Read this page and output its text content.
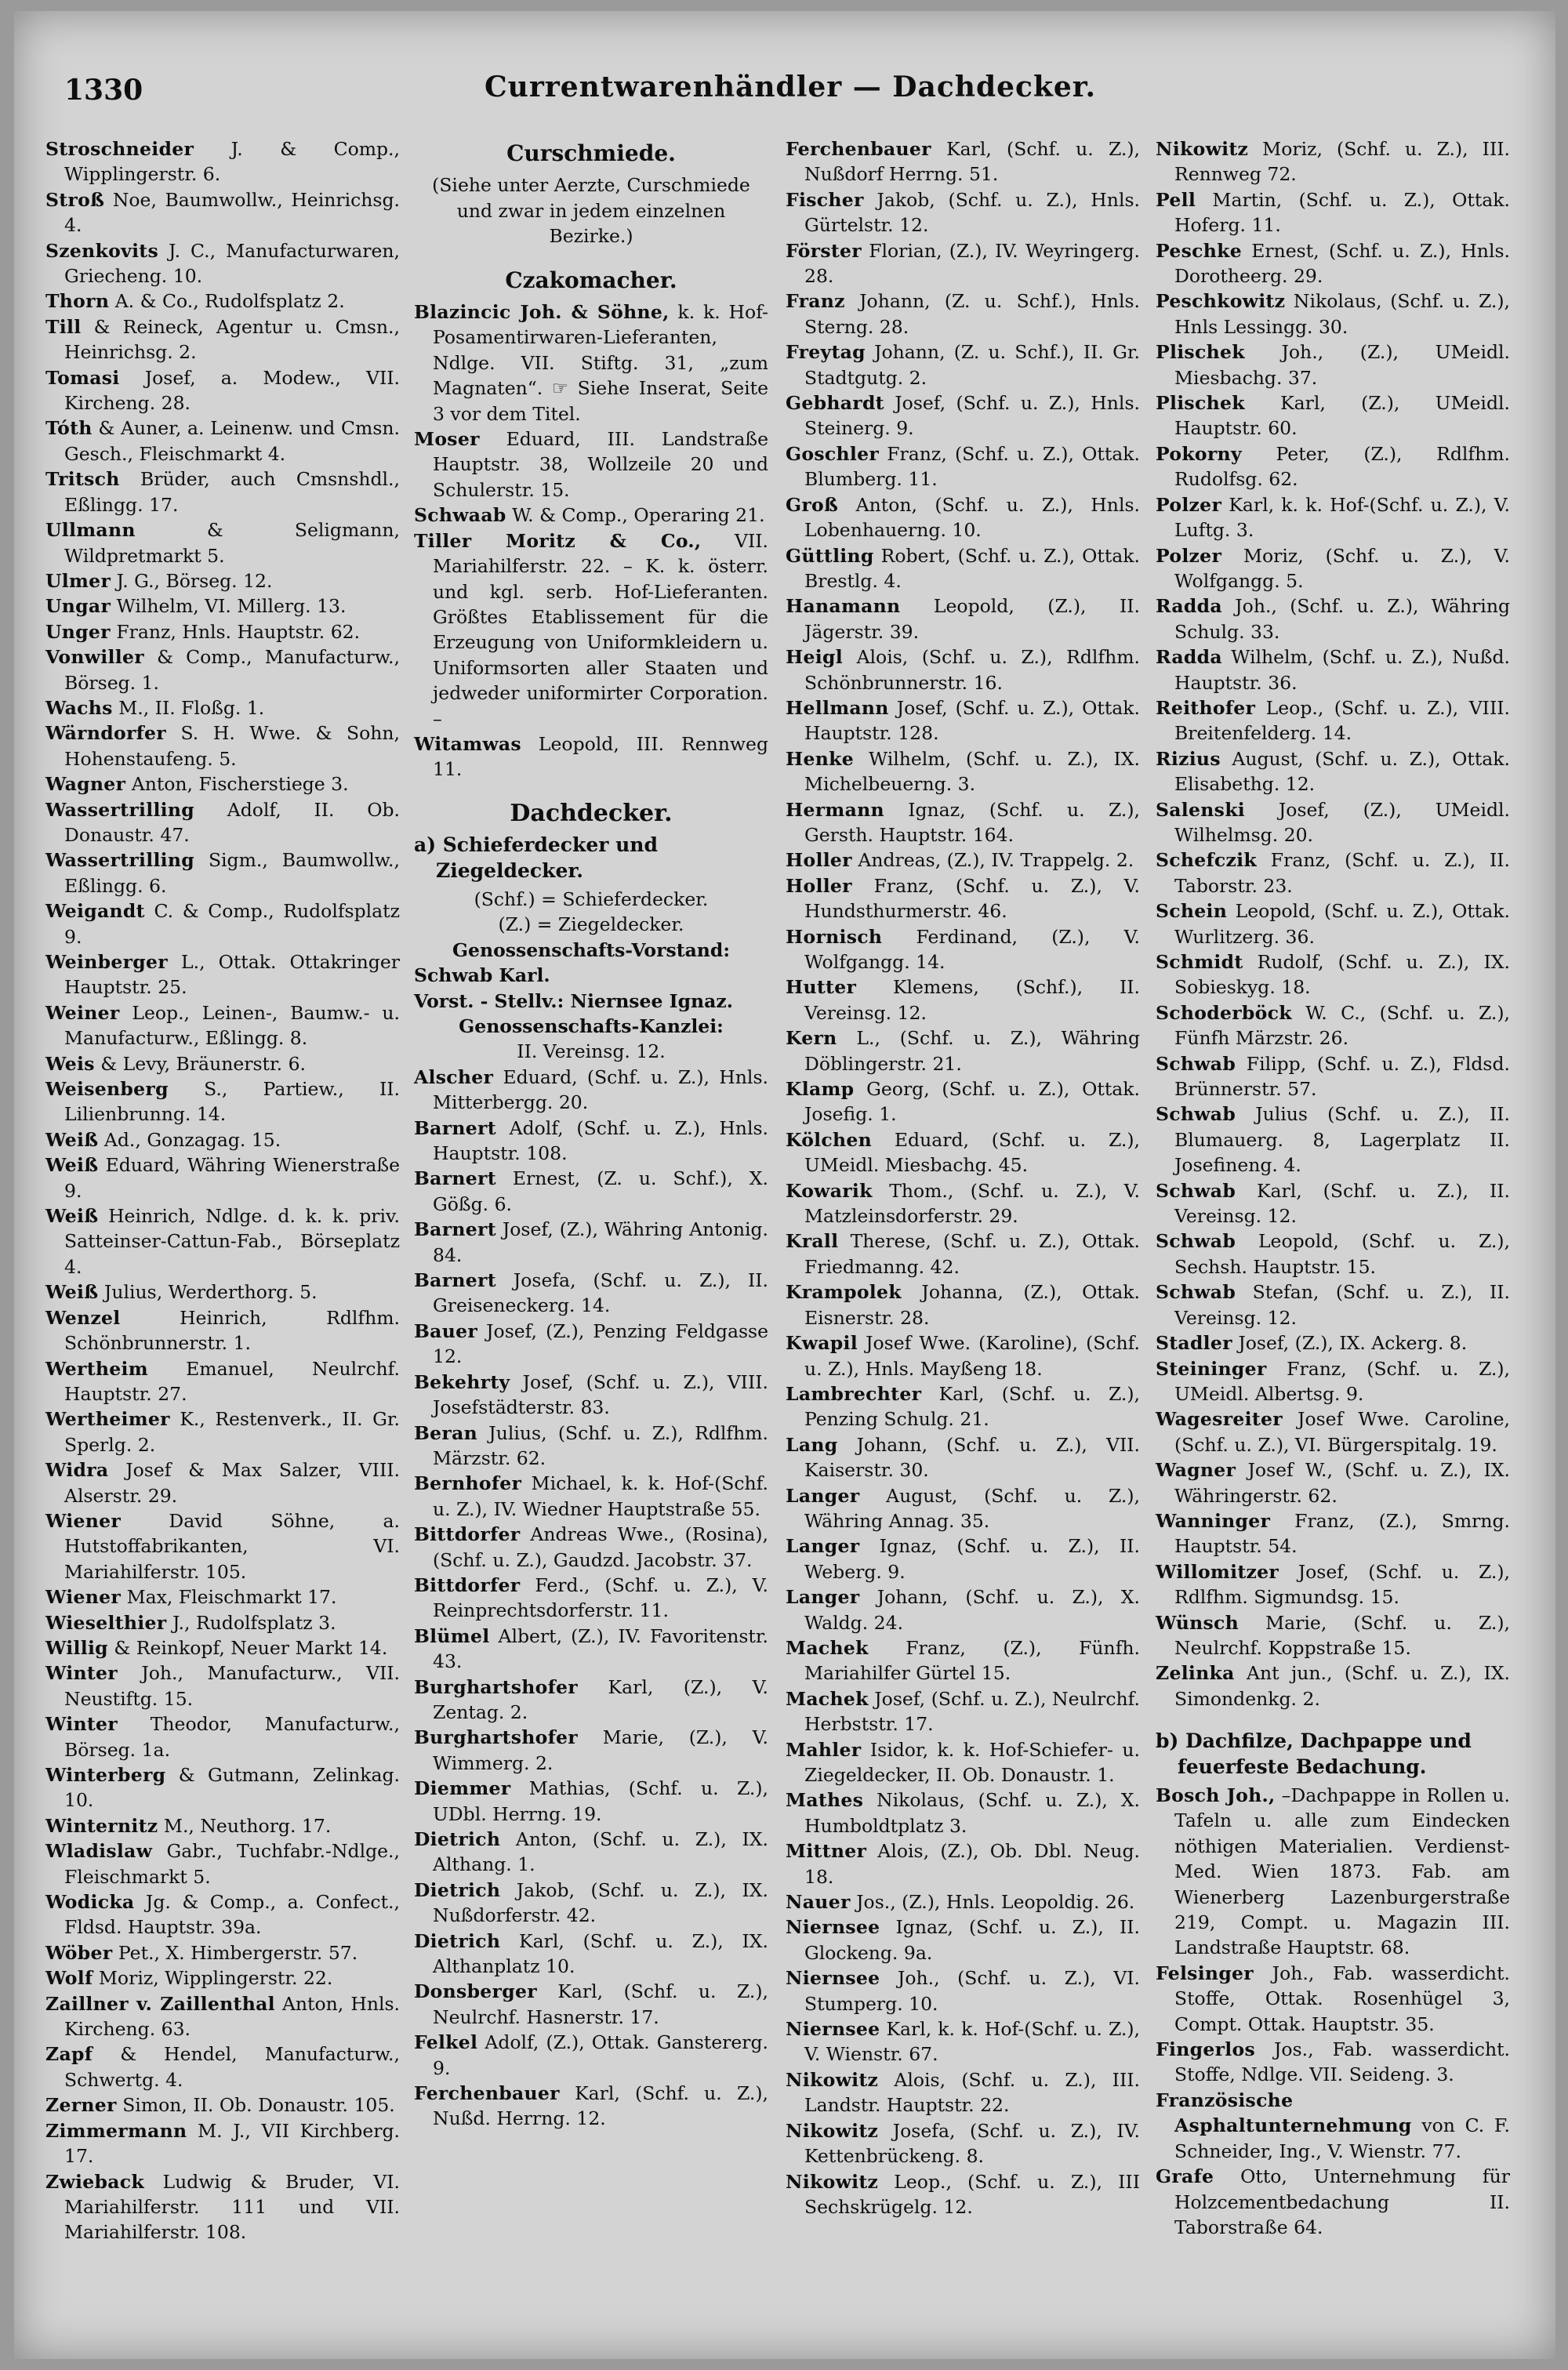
1330	Currentwarenhändler — Dachdecker.
Stroschneider J. & Comp., Wipplingerstr. 6.
Stroß Noe, Baumwollw., Heinrichsg. 4.
Szenkovits J. C., Manufacturwaren, Griecheng. 10.
Thorn A. & Co., Rudolfsplatz 2.
Till & Reineck, Agentur u. Cmsn., Heinrichsg. 2.
Tomasi Josef, a. Modew., VII. Kircheng. 28.
Tóth & Auner, a. Leinenw. und Cmsn. Gesch., Fleischmarkt 4.
Tritsch Brüder, auch Cmsnshdl., Eßlingg. 17.
Ullmann	& Seligmann, Wildpretmarkt 5.
Ulmer J. G., Börseg. 12.
Ungar Wilhelm, VI. Millerg. 13.
Unger Franz, Hnls. Hauptstr. 62.
Vonwiller & Comp., Manufacturw., Börseg. 1.
Wachs M., II. Floßg. 1.
Wärndorfer S. H. Wwe. & Sohn, Hohenstaufeng. 5.
Wagner Anton, Fischerstiege 3.
Wassertrilling Adolf, II. Ob. Donaustr. 47.
Wassertrilling Sigm., Baumwollw., Eßlingg. 6.
Weigandt C. & Comp., Rudolfsplatz 9.
Weinberger L., Ottak. Ottakringer Hauptstr. 25.
Weiner Leop., Leinen-, Baumw.- u. Manufacturw., Eßlingg. 8.
Weis & Levy, Bräunerstr. 6.
Weisenberg S., Partiew., II. Lilienbrunng. 14.
Weiß Ad., Gonzagag. 15.
Weiß Eduard, Währing Wienerstraße 9.
Weiß Heinrich, Ndlge. d. k. k. priv. Satteinser-Cattun-Fab., Börseplatz 4.
Weiß Julius, Werderthorg. 5.
Wenzel	Heinrich, Rdlfhm. Schönbrunnerstr. 1.
Wertheim Emanuel, Neulrchf. Hauptstr. 27.
Wertheimer K., Restenverk., II. Gr. Sperlg. 2.
Widra Josef & Max Salzer, VIII. Alserstr. 29.
Wiener	David Söhne, a. Hutstoffabrikanten, VI. Mariahilferstr. 105.
Wiener Max, Fleischmarkt 17.
Wieselthier J., Rudolfsplatz 3.
Willig & Reinkopf, Neuer Markt 14.
Winter Joh., Manufacturw., VII. Neustiftg. 15.
Winter Theodor, Manufacturw., Börseg. 1a.
Winterberg & Gutmann, Zelinkag. 10.
Winternitz M., Neuthorg. 17.
Wladislaw Gabr., Tuchfabr.-Ndlge., Fleischmarkt 5.
Wodicka Jg. & Comp., a. Confect., Fldsd. Hauptstr. 39a.
Wöber Pet., X. Himbergerstr. 57.
Wolf Moriz, Wipplingerstr. 22.
Zaillner v. Zaillenthal Anton, Hnls. Kircheng. 63.
Zapf & Hendel, Manufacturw., Schwertg. 4.
Zerner Simon, II. Ob. Donaustr. 105.
Zimmermann M. J., VII Kirchberg. 17.
Zwieback Ludwig & Bruder, VI. Mariahilferstr. 111 und VII. Mariahilferstr. 108.
Curschmiede.
(Siehe unter Aerzte, Curschmiede und zwar in jedem einzelnen Bezirke.)
Czakomacher.
Blazincic Joh. & Söhne, k. k. Hof-Posamentirwaren-Lieferanten, Ndlge. VII. Stiftg. 31, „zum Magnaten“. ☞ Siehe Inserat, Seite 3 vor dem Titel.
Moser Eduard, III. Landstraße Hauptstr. 38, Wollzeile 20 und Schulerstr. 15.
Schwaab W. & Comp., Operaring 21.
Tiller Moritz & Co., VII. Mariahilferstr. 22. – K. k. österr. und kgl. serb. Hof-Lieferanten. Größtes Etablissement für die Erzeugung von Uniformkleidern u. Uniformsorten aller Staaten und jedweder uniformirter Corporation. –
Witamwas Leopold, III. Rennweg 11.
Dachdecker.
a) Schieferdecker und Ziegeldecker.
(Schf.) = Schieferdecker.
(Z.) = Ziegeldecker.
Genossenschafts-Vorstand:
Schwab Karl.
Vorst. - Stellv.: Niernsee Ignaz.
Genossenschafts-Kanzlei:
II. Vereinsg. 12.
Alscher Eduard, (Schf. u. Z.), Hnls. Mitterbergg. 20.
Barnert Adolf, (Schf. u. Z.), Hnls. Hauptstr. 108.
Barnert Ernest, (Z. u. Schf.), X. Gößg. 6.
Barnert Josef, (Z.), Währing Antonig. 84.
Barnert Josefa, (Schf. u. Z.), II. Greiseneckerg. 14.
Bauer Josef, (Z.), Penzing Feldgasse 12.
Bekehrty Josef, (Schf. u. Z.), VIII. Josefstädterstr. 83.
Beran Julius, (Schf. u. Z.), Rdlfhm. Märzstr. 62.
Bernhofer Michael, k. k. Hof-(Schf. u. Z.), IV. Wiedner Hauptstraße 55.
Bittdorfer Andreas Wwe., (Rosina), (Schf. u. Z.), Gaudzd. Jacobstr. 37.
Bittdorfer Ferd., (Schf. u. Z.), V. Reinprechtsdorferstr. 11.
Blümel Albert, (Z.), IV. Favoritenstr. 43.
Burghartshofer Karl, (Z.), V. Zentag. 2.
Burghartshofer Marie, (Z.), V. Wimmerg. 2.
Diemmer Mathias, (Schf. u. Z.), UDbl. Herrng. 19.
Dietrich Anton, (Schf. u. Z.), IX. Althang. 1.
Dietrich Jakob, (Schf. u. Z.), IX. Nußdorferstr. 42.
Dietrich Karl, (Schf. u. Z.), IX. Althanplatz 10.
Donsberger Karl, (Schf. u. Z.), Neulrchf. Hasnerstr. 17.
Felkel Adolf, (Z.), Ottak. Ganstererg. 9.
Ferchenbauer Karl, (Schf. u. Z.), Nußd. Herrng. 12.
Ferchenbauer Karl, (Schf. u. Z.), Nußdorf Herrng. 51.
Fischer Jakob, (Schf. u. Z.), Hnls. Gürtelstr. 12.
Förster Florian, (Z.), IV. Weyringerg. 28.
Franz Johann, (Z. u. Schf.), Hnls. Sterng. 28.
Freytag Johann, (Z. u. Schf.), II. Gr. Stadtgutg. 2.
Gebhardt Josef, (Schf. u. Z.), Hnls. Steinerg. 9.
Goschler Franz, (Schf. u. Z.), Ottak. Blumberg. 11.
Groß Anton, (Schf. u. Z.), Hnls. Lobenhauerng. 10.
Güttling Robert, (Schf. u. Z.), Ottak. Brestlg. 4.
Hanamann Leopold, (Z.), II. Jägerstr. 39.
Heigl Alois, (Schf. u. Z.), Rdlfhm. Schönbrunnerstr. 16.
Hellmann Josef, (Schf. u. Z.), Ottak. Hauptstr. 128.
Henke Wilhelm, (Schf. u. Z.), IX. Michelbeuerng. 3.
Hermann Ignaz, (Schf. u. Z.), Gersth. Hauptstr. 164.
Holler Andreas, (Z.), IV. Trappelg. 2.
Holler Franz, (Schf. u. Z.), V. Hundsthurmerstr. 46.
Hornisch Ferdinand, (Z.), V. Wolfgangg. 14.
Hutter Klemens, (Schf.), II. Vereinsg. 12.
Kern L., (Schf. u. Z.), Währing Döblingerstr. 21.
Klamp Georg, (Schf. u. Z.), Ottak. Josefig. 1.
Kölchen Eduard, (Schf. u. Z.), UMeidl. Miesbachg. 45.
Kowarik Thom., (Schf. u. Z.), V. Matzleinsdorferstr. 29.
Krall Therese, (Schf. u. Z.), Ottak. Friedmanng. 42.
Krampolek Johanna, (Z.), Ottak. Eisnerstr. 28.
Kwapil Josef Wwe. (Karoline), (Schf. u. Z.), Hnls. Mayßeng 18.
Lambrechter Karl, (Schf. u. Z.), Penzing Schulg. 21.
Lang Johann, (Schf. u. Z.), VII. Kaiserstr. 30.
Langer August, (Schf. u. Z.), Währing Annag. 35.
Langer Ignaz, (Schf. u. Z.), II. Weberg. 9.
Langer Johann, (Schf. u. Z.), X. Waldg. 24.
Machek Franz, (Z.), Fünfh. Mariahilfer Gürtel 15.
Machek Josef, (Schf. u. Z.), Neulrchf. Herbststr. 17.
Mahler Isidor, k. k. Hof-Schiefer- u. Ziegeldecker, II. Ob. Donaustr. 1.
Mathes Nikolaus, (Schf. u. Z.), X. Humboldtplatz 3.
Mittner Alois, (Z.), Ob. Dbl. Neug. 18.
Nauer Jos., (Z.), Hnls. Leopoldig. 26.
Niernsee Ignaz, (Schf. u. Z.), II. Glockeng. 9a.
Niernsee Joh., (Schf. u. Z.), VI. Stumperg. 10.
Niernsee Karl, k. k. Hof-(Schf. u. Z.), V. Wienstr. 67.
Nikowitz Alois, (Schf. u. Z.), III. Landstr. Hauptstr. 22.
Nikowitz Josefa, (Schf. u. Z.), IV. Kettenbrückeng. 8.
Nikowitz Leop., (Schf. u. Z.), III Sechskrügelg. 12.
Nikowitz Moriz, (Schf. u. Z.), III. Rennweg 72.
Pell Martin, (Schf. u. Z.), Ottak. Hoferg. 11.
Peschke Ernest, (Schf. u. Z.), Hnls. Dorotheerg. 29.
Peschkowitz Nikolaus, (Schf. u. Z.), Hnls Lessingg. 30.
Plischek Joh., (Z.), UMeidl. Miesbachg. 37.
Plischek Karl, (Z.), UMeidl. Hauptstr. 60.
Pokorny Peter, (Z.), Rdlfhm. Rudolfsg. 62.
Polzer Karl, k. k. Hof-(Schf. u. Z.), V. Luftg. 3.
Polzer Moriz, (Schf. u. Z.), V. Wolfgangg. 5.
Radda Joh., (Schf. u. Z.), Währing Schulg. 33.
Radda Wilhelm, (Schf. u. Z.), Nußd. Hauptstr. 36.
Reithofer Leop., (Schf. u. Z.), VIII. Breitenfelderg. 14.
Rizius August, (Schf. u. Z.), Ottak. Elisabethg. 12.
Salenski Josef, (Z.), UMeidl. Wilhelmsg. 20.
Schefczik Franz, (Schf. u. Z.), II. Taborstr. 23.
Schein Leopold, (Schf. u. Z.), Ottak. Wurlitzerg. 36.
Schmidt Rudolf, (Schf. u. Z.), IX. Sobieskyg. 18.
Schoderböck W. C., (Schf. u. Z.), Fünfh Märzstr. 26.
Schwab Filipp, (Schf. u. Z.), Fldsd. Brünnerstr. 57.
Schwab Julius (Schf. u. Z.), II. Blumauerg. 8, Lagerplatz II. Josefineng. 4.
Schwab Karl, (Schf. u. Z.), II. Vereinsg. 12.
Schwab Leopold, (Schf. u. Z.), Sechsh. Hauptstr. 15.
Schwab Stefan, (Schf. u. Z.), II. Vereinsg. 12.
Stadler Josef, (Z.), IX. Ackerg. 8.
Steininger Franz, (Schf. u. Z.), UMeidl. Albertsg. 9.
Wagesreiter Josef Wwe. Caroline, (Schf. u. Z.), VI. Bürgerspitalg. 19.
Wagner Josef W., (Schf. u. Z.), IX. Währingerstr. 62.
Wanninger Franz, (Z.), Smrng. Hauptstr. 54.
Willomitzer Josef, (Schf. u. Z.), Rdlfhm. Sigmundsg. 15.
Wünsch Marie, (Schf. u. Z.), Neulrchf. Koppstraße 15.
Zelinka Ant jun., (Schf. u. Z.), IX. Simondenkg. 2.
b) Dachfilze, Dachpappe und feuerfeste Bedachung.
Bosch Joh., –Dachpappe in Rollen u. Tafeln u. alle zum Eindecken nöthigen Materialien. Verdienst-Med. Wien 1873. Fab. am Wienerberg Lazenburgerstraße 219, Compt. u. Magazin III. Landstraße Hauptstr. 68.
Felsinger Joh., Fab. wasserdicht. Stoffe, Ottak. Rosenhügel 3, Compt. Ottak. Hauptstr. 35.
Fingerlos Jos., Fab. wasserdicht. Stoffe, Ndlge. VII. Seideng. 3.
Französische Asphaltunternehmung von C. F. Schneider, Ing., V. Wienstr. 77.
Grafe Otto, Unternehmung für Holzcementbedachung II. Taborstraße 64.
